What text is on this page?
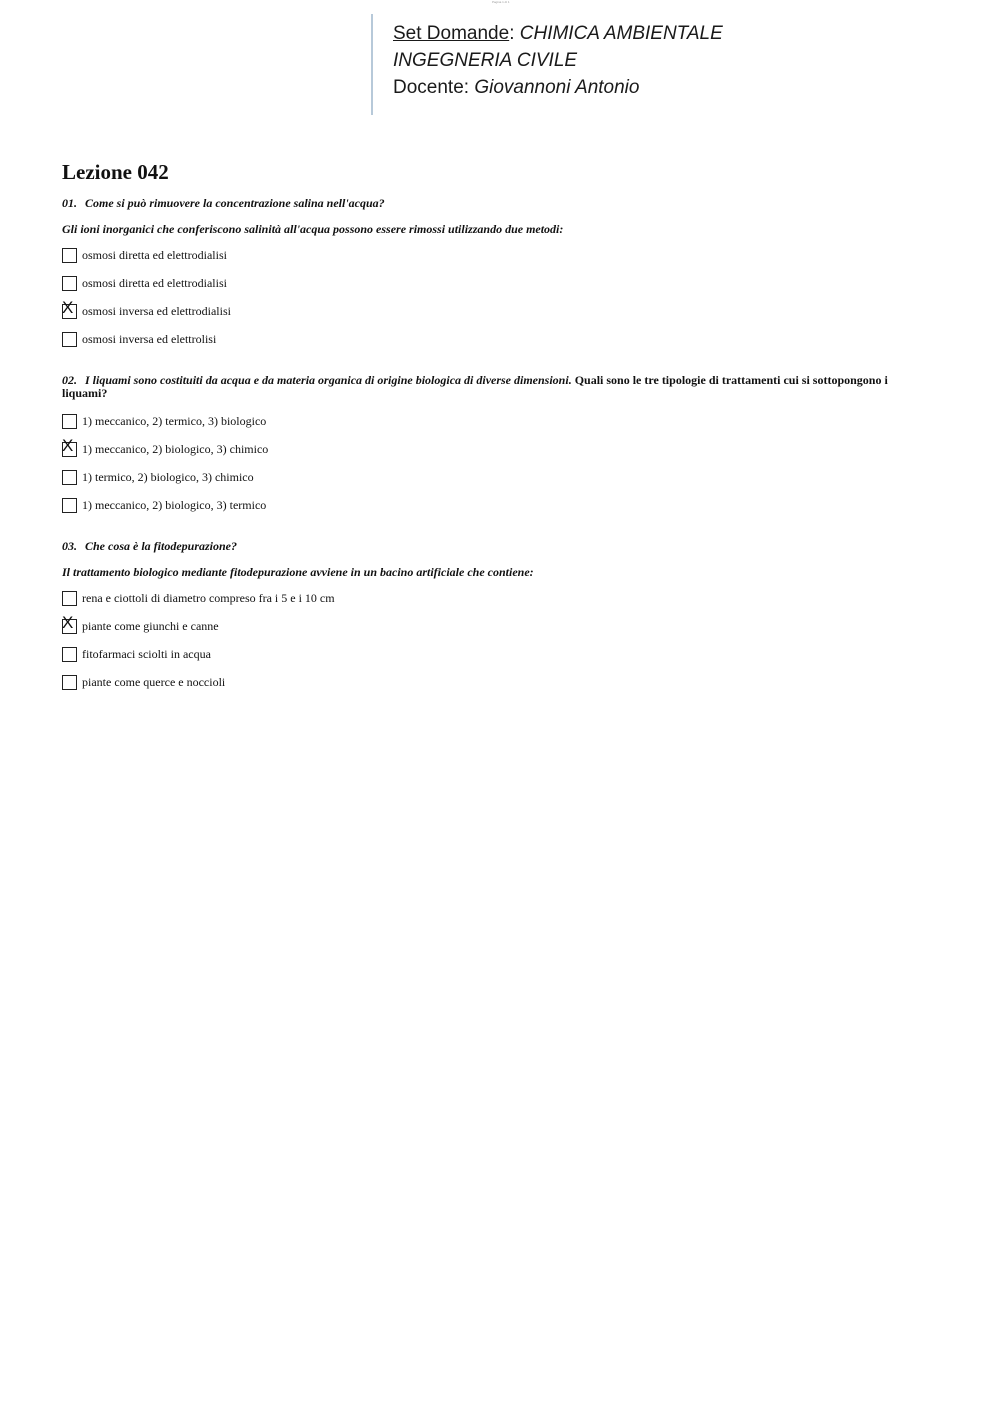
Pagina 1 di 1
Set Domande: CHIMICA AMBIENTALE
INGEGNERIA CIVILE
Docente: Giovannoni Antonio
Lezione 042

01. Come si può rimuovere la concentrazione salina nell'acqua?

Gli ioni inorganici che conferiscono salinità all'acqua possono essere rimossi utilizzando due metodi:

osmosi diretta ed elettrodialisi
osmosi diretta ed elettrodialisi
X osmosi inversa ed elettrodialisi
osmosi inversa ed elettrolisi

02. I liquami sono costituiti da acqua e da materia organica di origine biologica di diverse dimensioni. Quali sono le tre tipologie di trattamenti cui si sottopongono i liquami?

1) meccanico, 2) termico, 3) biologico
X 1) meccanico, 2) biologico, 3) chimico
1) termico, 2) biologico, 3) chimico
1) meccanico, 2) biologico, 3) termico

03. Che cosa è la fitodepurazione?

Il trattamento biologico mediante fitodepurazione avviene in un bacino artificiale che contiene:

rena e ciottoli di diametro compreso fra i 5 e i 10 cm
X piante come giunchi e canne
fitofarmaci sciolti in acqua
piante come querce e noccioli
